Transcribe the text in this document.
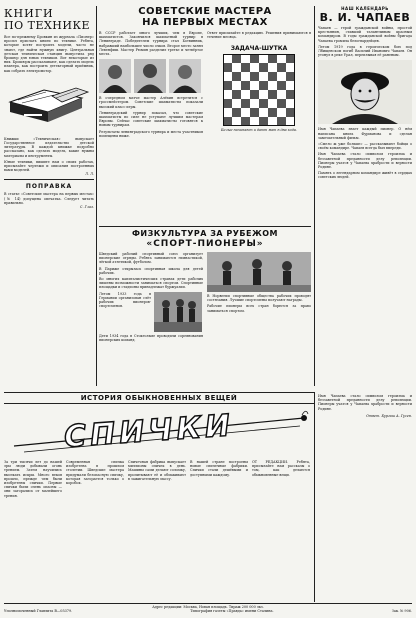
КНИГИ
ПО ТЕХНИКЕ
Все по-прежнему Бровкин из журнала «Пионер» просил прислать книги по технике. Ребята, которые хотят построить модели, часто не знают, где найти нужную книгу. Центральная детская техническая станция выпустила ряд брошюр для юных техников. Вот некоторые из них. Брошюры рассказывают, как сделать модель планера, как построить детекторный приёмник, как собрать электромотор.
Книжки «Техническая» выпускает Государственное издательство детской литературы. В каждой книжке подробно рассказано, как сделать модель, какие нужны материалы и инструменты.
Юные техники, пишите нам о своих работах, присылайте чертежи и описания построенных вами моделей.
Л. Л.
ПОПРАВКА
В статье «Советские мастера на первых местах» (№ 14) допущена опечатка. Следует читать правильно.
С. Глаз.
СОВЕТСКИЕ МАСТЕРА
НА ПЕРВЫХ МЕСТАХ
В СССР работает много лучших, чем в Европе, шахматистов. Закончился шахматный турнир в Ленинграде. Победителем турнира стал Ботвинник, набравший наибольшее число очков. Второе место занял Левенфиш. Мастер Рюмин разделил третье и четвёртое места.
В очередном матче мастер Алёхин встретится с гроссмейстером. Советские шахматисты показали высокий класс игры.
Ленинградский турнир показал, что советские шахматисты по силе не уступают лучшим мастерам Европы. Сейчас советские шахматисты готовятся к новым турнирам.
Результаты ленинградского турнира и места участников помещены ниже.
Ответ присылайте в редакцию. Решения принимаются в течение месяца.
ЗАДАЧА-ШУТКА
Белые начинают и дают мат в два хода.
ФИЗКУЛЬТУРА ЗА РУБЕЖОМ
«СПОРТ-ПИОНЕРЫ»
Шведский рабочий спортивный союз организует пионерские отряды. Ребята занимаются гимнастикой, лёгкой атлетикой, футболом.
В Париже открылась спортивная школа для детей рабочих.
Во многих капиталистических странах дети рабочих лишены возможности заниматься спортом. Спортивные площадки и стадионы принадлежат буржуазии.
Летом 1933 года в Германии организован слёт рабочих пионеров-спортсменов.
Дети 1934 года в Стокгольме проводили соревнования пионерских команд.
В Норвегии спортивные общества рабочих проводят состязания. Лучшие спортсмены получают награды.
Рабочие пионеры всех стран борются за право заниматься спортом.
НАШ КАЛЕНДАРЬ
В. И. ЧАПАЕВ
Чапаев — герой гражданской войны, простой крестьянин, ставший талантливым красным командиром. В годы гражданской войны бригада Чапаева громила белогвардейцев.
Летом 1919 года в героическом бою под Лбищенском погиб Василий Иванович Чапаев. Он утонул в реке Урал, переплывая её раненым.
Имя Чапаева знает каждый пионер. О нём написана книга Фурманова и сделан замечательный фильм.
«Смело ж уже больше» — рассказывают бойцы о своём командире. Чапаев всегда был впереди.
Имя Чапаева стало символом героизма и беззаветной преданности делу революции. Пионеры учатся у Чапаева храбрости и верности Родине.
Память о легендарном командире живёт в сердцах советских людей.
ИСТОРИЯ ОБЫКНОВЕННЫХ ВЕЩЕЙ
СПИЧКИ
За три тысячи лет до нашей эры люди добывали огонь трением. Затем научились высекать искры. Много веков прошло, прежде чем были изобретены спички. Первые спички были очень опасны — они загорались от малейшего трения.
Современная спичка изобретена в прошлом столетии. Шведские мастера придумали безопасную спичку, которая загорается только о коробок.
Спичечная фабрика выпускает миллионы спичек в день. Машины сами делают соломку, пропитывают её и обмакивают в зажигательную массу.
В нашей стране построены новые спичечные фабрики. Спички стали дешёвыми и доступными каждому.
ОТ РЕДАКЦИИ. Ребята, присылайте нам рассказы о том, как делаются обыкновенные вещи.
Имя Чапаева стало символом героизма и беззаветной преданности делу революции. Пионеры учатся у Чапаева храбрости и верности Родине.
Ответ. Бургаш А. Гусев.
Адрес редакции: Москва, Новая площадь. Тираж 200 000 экз.
Уполномоченный Главлита В—05379.	Типография газеты «Правда» имени Сталина.	Зак. № 906.
